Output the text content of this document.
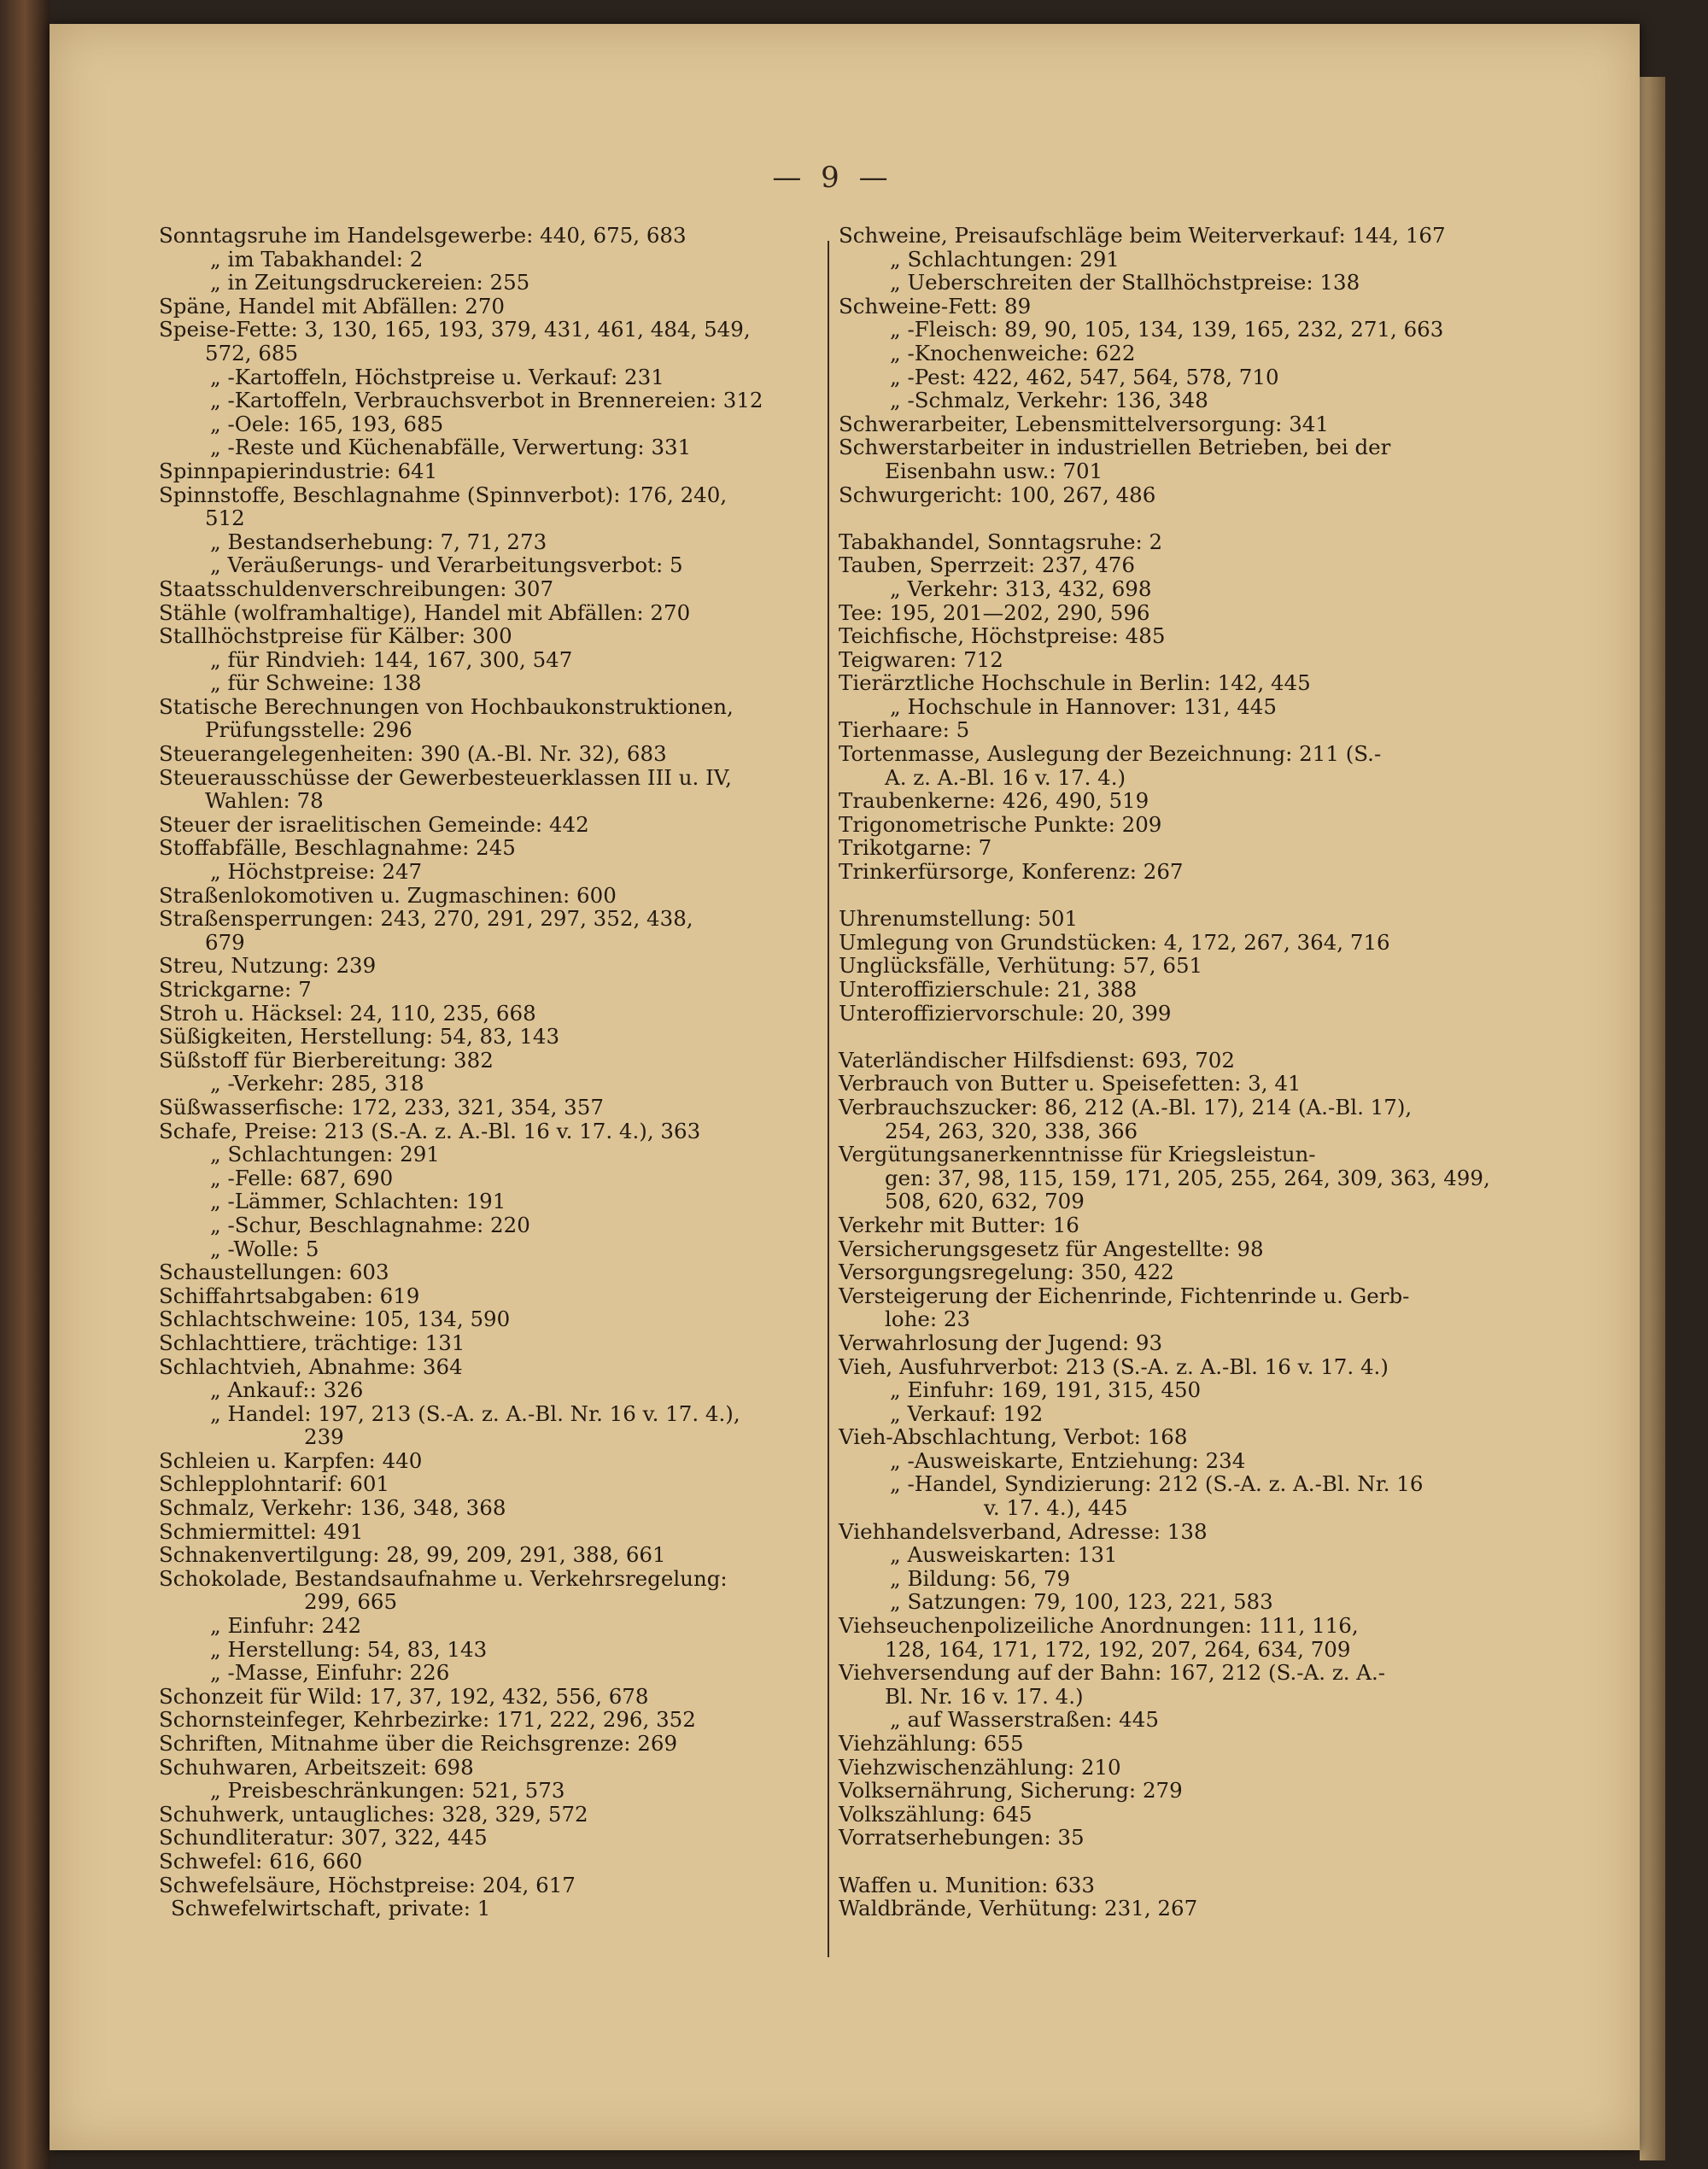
— 9 —
Sonntagsruhe im Handelsgewerbe: 440, 675, 683
„ im Tabakhandel: 2
„ in Zeitungsdruckereien: 255
Späne, Handel mit Abfällen: 270
Speise-Fette: 3, 130, 165, 193, 379, 431, 461, 484, 549,
572, 685
„ -Kartoffeln, Höchstpreise u. Verkauf: 231
„ -Kartoffeln, Verbrauchsverbot in Brennereien: 312
„ -Oele: 165, 193, 685
„ -Reste und Küchenabfälle, Verwertung: 331
Spinnpapierindustrie: 641
Spinnstoffe, Beschlagnahme (Spinnverbot): 176, 240,
512
„ Bestandserhebung: 7, 71, 273
„ Veräußerungs- und Verarbeitungsverbot: 5
Staatsschuldenverschreibungen: 307
Stähle (wolframhaltige), Handel mit Abfällen: 270
Stallhöchstpreise für Kälber: 300
„ für Rindvieh: 144, 167, 300, 547
„ für Schweine: 138
Statische Berechnungen von Hochbaukonstruktionen,
Prüfungsstelle: 296
Steuerangelegenheiten: 390 (A.-Bl. Nr. 32), 683
Steuerausschüsse der Gewerbesteuerklassen III u. IV,
Wahlen: 78
Steuer der israelitischen Gemeinde: 442
Stoffabfälle, Beschlagnahme: 245
„ Höchstpreise: 247
Straßenlokomotiven u. Zugmaschinen: 600
Straßensperrungen: 243, 270, 291, 297, 352, 438,
679
Streu, Nutzung: 239
Strickgarne: 7
Stroh u. Häcksel: 24, 110, 235, 668
Süßigkeiten, Herstellung: 54, 83, 143
Süßstoff für Bierbereitung: 382
„ -Verkehr: 285, 318
Süßwasserfische: 172, 233, 321, 354, 357
Schafe, Preise: 213 (S.-A. z. A.-Bl. 16 v. 17. 4.), 363
„ Schlachtungen: 291
„ -Felle: 687, 690
„ -Lämmer, Schlachten: 191
„ -Schur, Beschlagnahme: 220
„ -Wolle: 5
Schaustellungen: 603
Schiffahrtsabgaben: 619
Schlachtschweine: 105, 134, 590
Schlachttiere, trächtige: 131
Schlachtvieh, Abnahme: 364
„ Ankauf:: 326
„ Handel: 197, 213 (S.-A. z. A.-Bl. Nr. 16 v. 17. 4.),
239
Schleien u. Karpfen: 440
Schlepplohntarif: 601
Schmalz, Verkehr: 136, 348, 368
Schmiermittel: 491
Schnakenvertilgung: 28, 99, 209, 291, 388, 661
Schokolade, Bestandsaufnahme u. Verkehrsregelung:
299, 665
„ Einfuhr: 242
„ Herstellung: 54, 83, 143
„ -Masse, Einfuhr: 226
Schonzeit für Wild: 17, 37, 192, 432, 556, 678
Schornsteinfeger, Kehrbezirke: 171, 222, 296, 352
Schriften, Mitnahme über die Reichsgrenze: 269
Schuhwaren, Arbeitszeit: 698
„ Preisbeschränkungen: 521, 573
Schuhwerk, untaugliches: 328, 329, 572
Schundliteratur: 307, 322, 445
Schwefel: 616, 660
Schwefelsäure, Höchstpreise: 204, 617
Schwefelwirtschaft, private: 1
Schweine, Preisaufschläge beim Weiterverkauf: 144, 167
„ Schlachtungen: 291
„ Ueberschreiten der Stallhöchstpreise: 138
Schweine-Fett: 89
„ -Fleisch: 89, 90, 105, 134, 139, 165, 232, 271, 663
„ -Knochenweiche: 622
„ -Pest: 422, 462, 547, 564, 578, 710
„ -Schmalz, Verkehr: 136, 348
Schwerarbeiter, Lebensmittelversorgung: 341
Schwerstarbeiter in industriellen Betrieben, bei der
Eisenbahn usw.: 701
Schwurgericht: 100, 267, 486
Tabakhandel, Sonntagsruhe: 2
Tauben, Sperrzeit: 237, 476
„ Verkehr: 313, 432, 698
Tee: 195, 201—202, 290, 596
Teichfische, Höchstpreise: 485
Teigwaren: 712
Tierärztliche Hochschule in Berlin: 142, 445
„ Hochschule in Hannover: 131, 445
Tierhaare: 5
Tortenmasse, Auslegung der Bezeichnung: 211 (S.-
A. z. A.-Bl. 16 v. 17. 4.)
Traubenkerne: 426, 490, 519
Trigonometrische Punkte: 209
Trikotgarne: 7
Trinkerfürsorge, Konferenz: 267
Uhrenumstellung: 501
Umlegung von Grundstücken: 4, 172, 267, 364, 716
Unglücksfälle, Verhütung: 57, 651
Unteroffizierschule: 21, 388
Unteroffiziervorschule: 20, 399
Vaterländischer Hilfsdienst: 693, 702
Verbrauch von Butter u. Speisefetten: 3, 41
Verbrauchszucker: 86, 212 (A.-Bl. 17), 214 (A.-Bl. 17),
254, 263, 320, 338, 366
Vergütungsanerkenntnisse für Kriegsleistun-
gen: 37, 98, 115, 159, 171, 205, 255, 264, 309, 363, 499,
508, 620, 632, 709
Verkehr mit Butter: 16
Versicherungsgesetz für Angestellte: 98
Versorgungsregelung: 350, 422
Versteigerung der Eichenrinde, Fichtenrinde u. Gerb-
lohe: 23
Verwahrlosung der Jugend: 93
Vieh, Ausfuhrverbot: 213 (S.-A. z. A.-Bl. 16 v. 17. 4.)
„ Einfuhr: 169, 191, 315, 450
„ Verkauf: 192
Vieh-Abschlachtung, Verbot: 168
„ -Ausweiskarte, Entziehung: 234
„ -Handel, Syndizierung: 212 (S.-A. z. A.-Bl. Nr. 16
v. 17. 4.), 445
Viehhandelsverband, Adresse: 138
„ Ausweiskarten: 131
„ Bildung: 56, 79
„ Satzungen: 79, 100, 123, 221, 583
Viehseuchenpolizeiliche Anordnungen: 111, 116,
128, 164, 171, 172, 192, 207, 264, 634, 709
Viehversendung auf der Bahn: 167, 212 (S.-A. z. A.-
Bl. Nr. 16 v. 17. 4.)
„ auf Wasserstraßen: 445
Viehzählung: 655
Viehzwischenzählung: 210
Volksernährung, Sicherung: 279
Volkszählung: 645
Vorratserhebungen: 35
Waffen u. Munition: 633
Waldbrände, Verhütung: 231, 267
